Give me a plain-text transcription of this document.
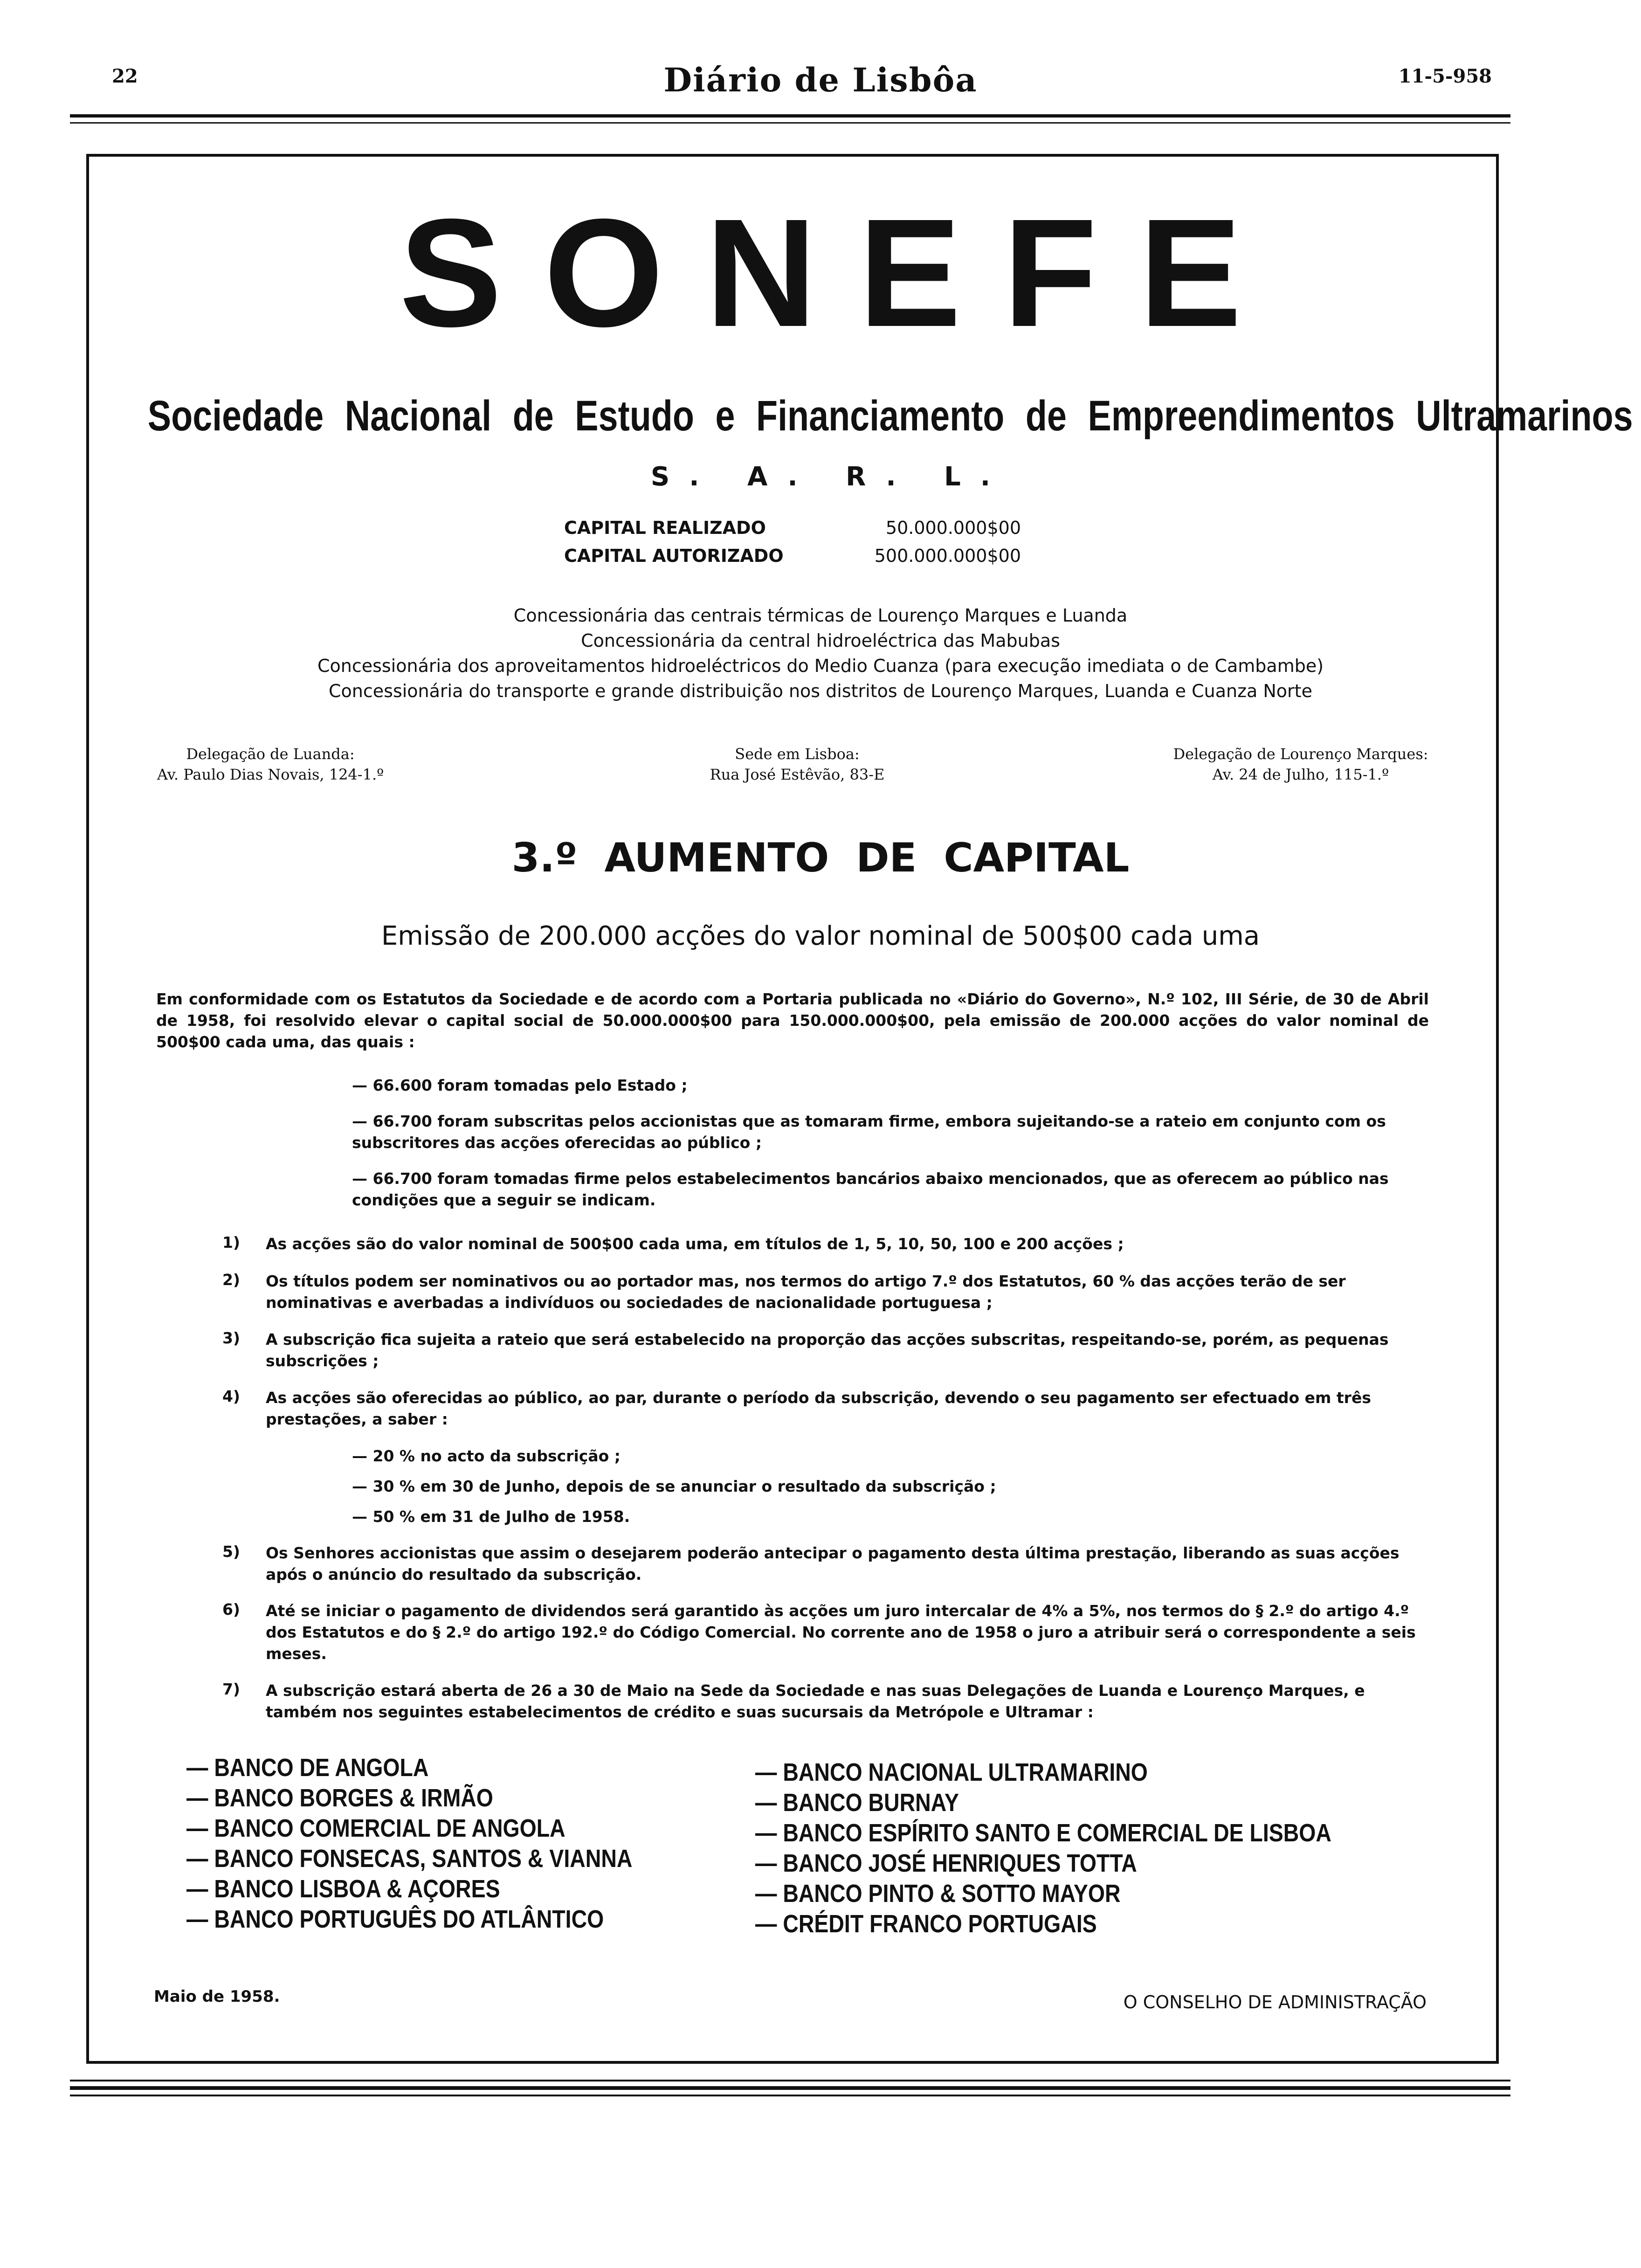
22	Diário de Lisbôa	11-5-958
SONEFE
Sociedade Nacional de Estudo e Financiamento de Empreendimentos Ultramarinos
S. A. R. L.
CAPITAL REALIZADO	50.000.000$00
CAPITAL AUTORIZADO	500.000.000$00
Concessionária das centrais térmicas de Lourenço Marques e Luanda
Concessionária da central hidroeléctrica das Mabubas
Concessionária dos aproveitamentos hidroeléctricos do Medio Cuanza (para execução imediata o de Cambambe)
Concessionária do transporte e grande distribuição nos distritos de Lourenço Marques, Luanda e Cuanza Norte
Delegação de Luanda:
Av. Paulo Dias Novais, 124-1.º
Sede em Lisboa:
Rua José Estêvão, 83-E
Delegação de Lourenço Marques:
Av. 24 de Julho, 115-1.º
3.º AUMENTO DE CAPITAL
Emissão de 200.000 acções do valor nominal de 500$00 cada uma
Em conformidade com os Estatutos da Sociedade e de acordo com a Portaria publicada no «Diário do Governo», N.º 102, III Série, de 30 de Abril de 1958, foi resolvido elevar o capital social de 50.000.000$00 para 150.000.000$00, pela emissão de 200.000 acções do valor nominal de 500$00 cada uma, das quais :
— 66.600 foram tomadas pelo Estado ;
— 66.700 foram subscritas pelos accionistas que as tomaram firme, embora sujeitando-se a rateio em conjunto com os subscritores das acções oferecidas ao público ;
— 66.700 foram tomadas firme pelos estabelecimentos bancários abaixo mencionados, que as oferecem ao público nas condições que a seguir se indicam.
1) As acções são do valor nominal de 500$00 cada uma, em títulos de 1, 5, 10, 50, 100 e 200 acções ;
2) Os títulos podem ser nominativos ou ao portador mas, nos termos do artigo 7.º dos Estatutos, 60 % das acções terão de ser nominativas e averbadas a indivíduos ou sociedades de nacionalidade portuguesa ;
3) A subscrição fica sujeita a rateio que será estabelecido na proporção das acções subscritas, respeitando-se, porém, as pequenas subscrições ;
4) As acções são oferecidas ao público, ao par, durante o período da subscrição, devendo o seu pagamento ser efectuado em três prestações, a saber :
— 20 % no acto da subscrição ;
— 30 % em 30 de Junho, depois de se anunciar o resultado da subscrição ;
— 50 % em 31 de Julho de 1958.
5) Os Senhores accionistas que assim o desejarem poderão antecipar o pagamento desta última prestação, liberando as suas acções após o anúncio do resultado da subscrição.
6) Até se iniciar o pagamento de dividendos será garantido às acções um juro intercalar de 4% a 5%, nos termos do § 2.º do artigo 4.º dos Estatutos e do § 2.º do artigo 192.º do Código Comercial. No corrente ano de 1958 o juro a atribuir será o correspondente a seis meses.
7) A subscrição estará aberta de 26 a 30 de Maio na Sede da Sociedade e nas suas Delegações de Luanda e Lourenço Marques, e também nos seguintes estabelecimentos de crédito e suas sucursais da Metrópole e Ultramar :
— BANCO DE ANGOLA
— BANCO BORGES & IRMÃO
— BANCO COMERCIAL DE ANGOLA
— BANCO FONSECAS, SANTOS & VIANNA
— BANCO LISBOA & AÇORES
— BANCO PORTUGUÊS DO ATLÂNTICO
— BANCO NACIONAL ULTRAMARINO
— BANCO BURNAY
— BANCO ESPÍRITO SANTO E COMERCIAL DE LISBOA
— BANCO JOSÉ HENRIQUES TOTTA
— BANCO PINTO & SOTTO MAYOR
— CRÉDIT FRANCO PORTUGAIS
Maio de 1958.	O CONSELHO DE ADMINISTRAÇÃO
